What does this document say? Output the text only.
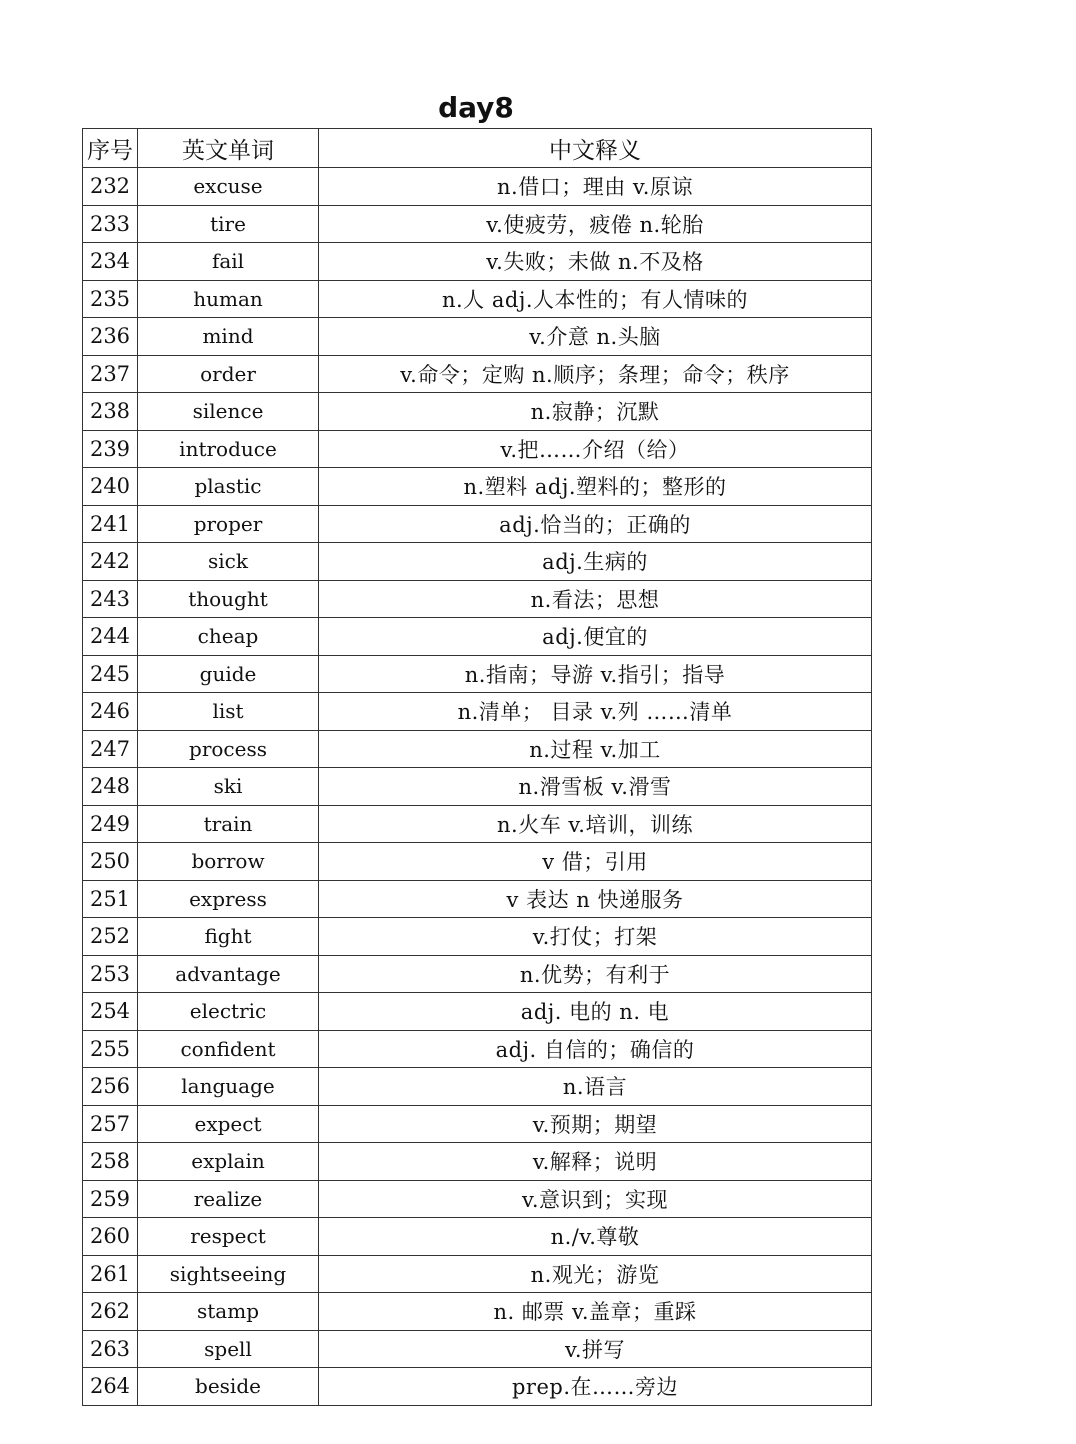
day8
序号	英文单词	中文释义
232	excuse	n.借口；理由 v.原谅
233	tire	v.使疲劳，疲倦 n.轮胎
234	fail	v.失败；未做 n.不及格
235	human	n.人 adj.人本性的；有人情味的
236	mind	v.介意 n.头脑
237	order	v.命令；定购 n.顺序；条理；命令；秩序
238	silence	n.寂静；沉默
239	introduce	v.把……介绍（给）
240	plastic	n.塑料 adj.塑料的；整形的
241	proper	adj.恰当的；正确的
242	sick	adj.生病的
243	thought	n.看法；思想
244	cheap	adj.便宜的
245	guide	n.指南；导游 v.指引；指导
246	list	n.清单； 目录 v.列 ……清单
247	process	n.过程 v.加工
248	ski	n.滑雪板 v.滑雪
249	train	n.火车 v.培训，训练
250	borrow	v 借；引用
251	express	v 表达 n 快递服务
252	fight	v.打仗；打架
253	advantage	n.优势；有利于
254	electric	adj. 电的 n. 电
255	confident	adj. 自信的；确信的
256	language	n.语言
257	expect	v.预期；期望
258	explain	v.解释；说明
259	realize	v.意识到；实现
260	respect	n./v.尊敬
261	sightseeing	n.观光；游览
262	stamp	n. 邮票 v.盖章；重踩
263	spell	v.拼写
264	beside	prep.在……旁边
